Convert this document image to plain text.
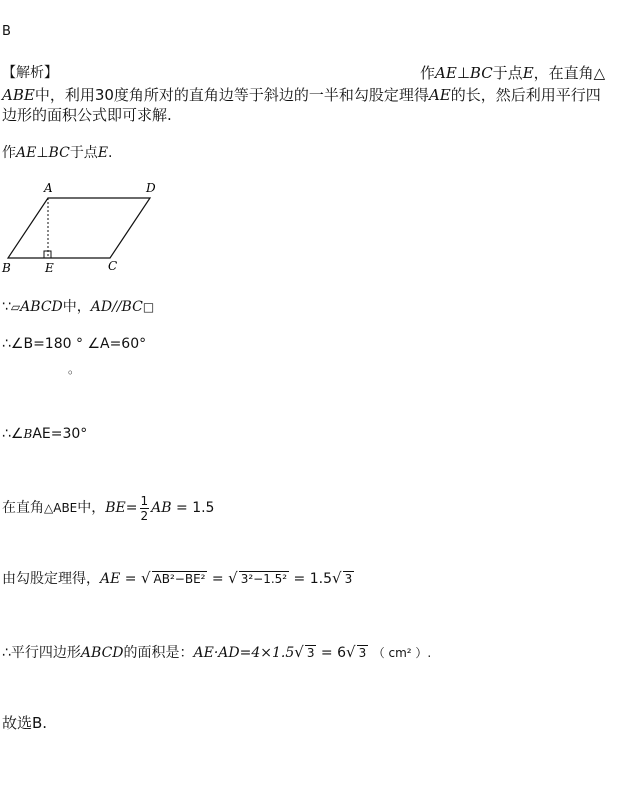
B
【解析】	作AE⊥BC于点E，在直角△
ABE中，利用30度角所对的直角边等于斜边的一半和勾股定理得AE的长，然后利用平行四
边形的面积公式即可求解.
作AE⊥BC于点E.
A	D
B	E	C
∵▱ABCD中，AD//BC□
∴∠B=180 ° ∠A=60°
。
∴∠BAE=30°
在直角△ABE中，$BE= \frac{1}{2}$ AB = 1.5
由勾股定理得，AE = √ AB²−BE² = √ 3²−1.5² = 1.5√ 3
∴平行四边形ABCD的面积是：AE·AD=4×1.5√ 3 = 6√ 3 （ cm² ）.
故选B.
